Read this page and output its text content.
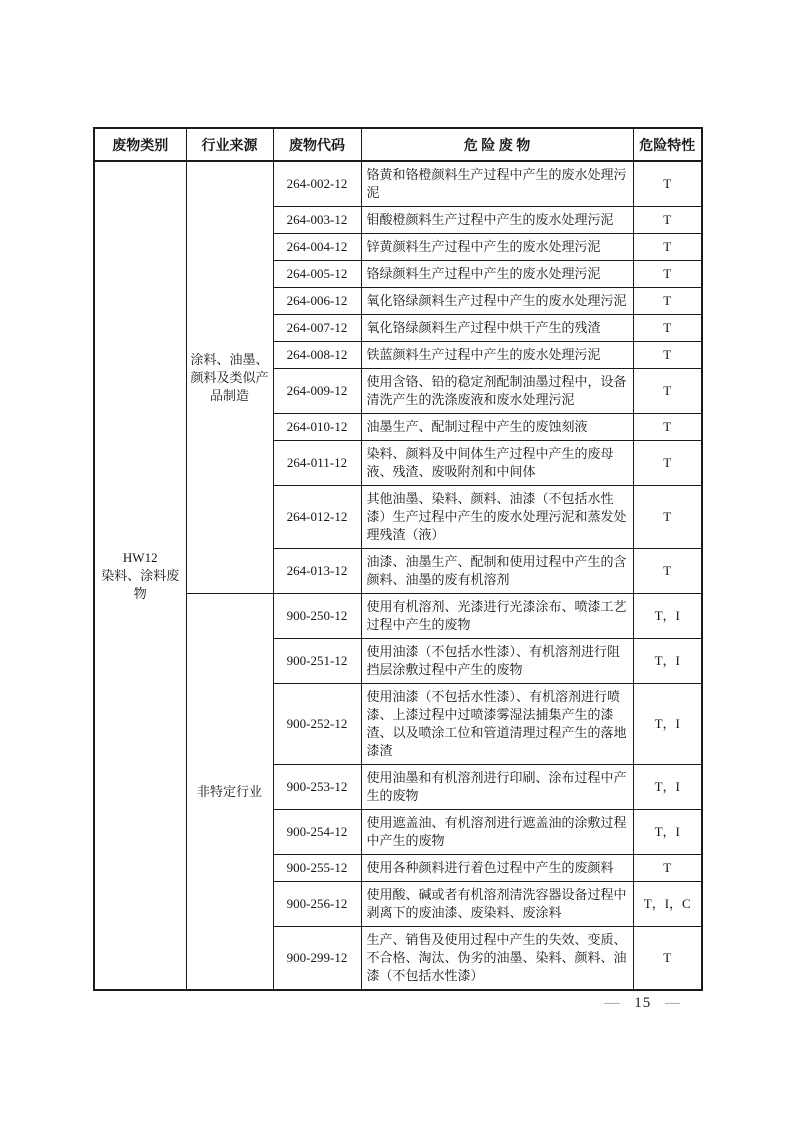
废物类别	行业来源	废物代码	危 险 废 物	危险特性

HW12
染料、涂料废物	涂料、油墨、颜料及类似产品制造	264-002-12	铬黄和铬橙颜料生产过程中产生的废水处理污泥	T
		264-003-12	钼酸橙颜料生产过程中产生的废水处理污泥	T
		264-004-12	锌黄颜料生产过程中产生的废水处理污泥	T
		264-005-12	铬绿颜料生产过程中产生的废水处理污泥	T
		264-006-12	氧化铬绿颜料生产过程中产生的废水处理污泥	T
		264-007-12	氧化铬绿颜料生产过程中烘干产生的残渣	T
		264-008-12	铁蓝颜料生产过程中产生的废水处理污泥	T
		264-009-12	使用含铬、铅的稳定剂配制油墨过程中，设备清洗产生的洗涤废液和废水处理污泥	T
		264-010-12	油墨生产、配制过程中产生的废蚀刻液	T
		264-011-12	染料、颜料及中间体生产过程中产生的废母液、残渣、废吸附剂和中间体	T
		264-012-12	其他油墨、染料、颜料、油漆（不包括水性漆）生产过程中产生的废水处理污泥和蒸发处理残渣（液）	T
		264-013-12	油漆、油墨生产、配制和使用过程中产生的含颜料、油墨的废有机溶剂	T
	非特定行业	900-250-12	使用有机溶剂、光漆进行光漆涂布、喷漆工艺过程中产生的废物	T，I
		900-251-12	使用油漆（不包括水性漆）、有机溶剂进行阻挡层涂敷过程中产生的废物	T，I
		900-252-12	使用油漆（不包括水性漆）、有机溶剂进行喷漆、上漆过程中过喷漆雾湿法捕集产生的漆渣、以及喷涂工位和管道清理过程产生的落地漆渣	T，I
		900-253-12	使用油墨和有机溶剂进行印刷、涂布过程中产生的废物	T，I
		900-254-12	使用遮盖油、有机溶剂进行遮盖油的涂敷过程中产生的废物	T，I
		900-255-12	使用各种颜料进行着色过程中产生的废颜料	T
		900-256-12	使用酸、碱或者有机溶剂清洗容器设备过程中剥离下的废油漆、废染料、废涂料	T，I，C
		900-299-12	生产、销售及使用过程中产生的失效、变质、不合格、淘汰、伪劣的油墨、染料、颜料、油漆（不包括水性漆）	T
— 15 —
